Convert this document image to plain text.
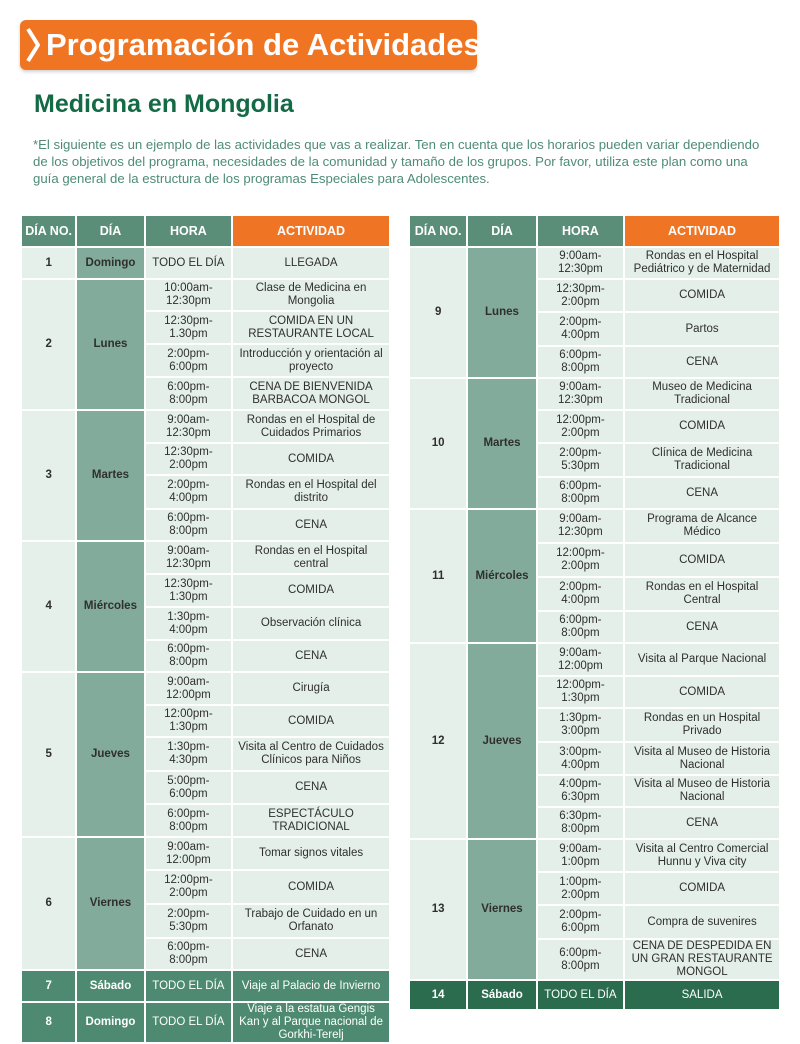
Programación de Actividades
Medicina en Mongolia
*El siguiente es un ejemplo de las actividades que vas a realizar. Ten en cuenta que los horarios pueden variar dependiendo de los objetivos del programa, necesidades de la comunidad y tamaño de los grupos. Por favor, utiliza este plan como una guía general de la estructura de los programas Especiales para Adolescentes.
DÍA NO.	DÍA	HORA	ACTIVIDAD
1	Domingo	TODO EL DÍA	LLEGADA
2	Lunes	10:00am-12:30pm	Clase de Medicina en Mongolia
		12:30pm-1.30pm	COMIDA EN UN RESTAURANTE LOCAL
		2:00pm-6:00pm	Introducción y orientación al proyecto
		6:00pm-8:00pm	CENA DE BIENVENIDA BARBACOA MONGOL
3	Martes	9:00am-12:30pm	Rondas en el Hospital de Cuidados Primarios
		12:30pm-2:00pm	COMIDA
		2:00pm-4:00pm	Rondas en el Hospital del distrito
		6:00pm-8:00pm	CENA
4	Miércoles	9:00am-12:30pm	Rondas en el Hospital central
		12:30pm-1:30pm	COMIDA
		1:30pm-4:00pm	Observación clínica
		6:00pm-8:00pm	CENA
5	Jueves	9:00am-12:00pm	Cirugía
		12:00pm-1:30pm	COMIDA
		1:30pm-4:30pm	Visita al Centro de Cuidados Clínicos para Niños
		5:00pm-6:00pm	CENA
		6:00pm-8:00pm	ESPECTÁCULO TRADICIONAL
6	Viernes	9:00am-12:00pm	Tomar signos vitales
		12:00pm-2:00pm	COMIDA
		2:00pm-5:30pm	Trabajo de Cuidado en un Orfanato
		6:00pm-8:00pm	CENA
7	Sábado	TODO EL DÍA	Viaje al Palacio de Invierno
8	Domingo	TODO EL DÍA	Viaje a la estatua Gengis Kan y al Parque nacional de Gorkhi-Terelj
DÍA NO.	DÍA	HORA	ACTIVIDAD
9	Lunes	9:00am-12:30pm	Rondas en el Hospital Pediátrico y de Maternidad
		12:30pm-2:00pm	COMIDA
		2:00pm-4:00pm	Partos
		6:00pm-8:00pm	CENA
10	Martes	9:00am-12:30pm	Museo de Medicina Tradicional
		12:00pm-2:00pm	COMIDA
		2:00pm-5:30pm	Clínica de Medicina Tradicional
		6:00pm-8:00pm	CENA
11	Miércoles	9:00am-12:30pm	Programa de Alcance Médico
		12:00pm-2:00pm	COMIDA
		2:00pm-4:00pm	Rondas en el Hospital Central
		6:00pm-8:00pm	CENA
12	Jueves	9:00am-12:00pm	Visita al Parque Nacional
		12:00pm-1:30pm	COMIDA
		1:30pm-3:00pm	Rondas en un Hospital Privado
		3:00pm-4:00pm	Visita al Museo de Historia Nacional
		4:00pm-6:30pm	Visita al Museo de Historia Nacional
		6:30pm-8:00pm	CENA
13	Viernes	9:00am-1:00pm	Visita al Centro Comercial Hunnu y Viva city
		1:00pm-2:00pm	COMIDA
		2:00pm-6:00pm	Compra de suvenires
		6:00pm-8:00pm	CENA DE DESPEDIDA EN UN GRAN RESTAURANTE MONGOL
14	Sábado	TODO EL DÍA	SALIDA
